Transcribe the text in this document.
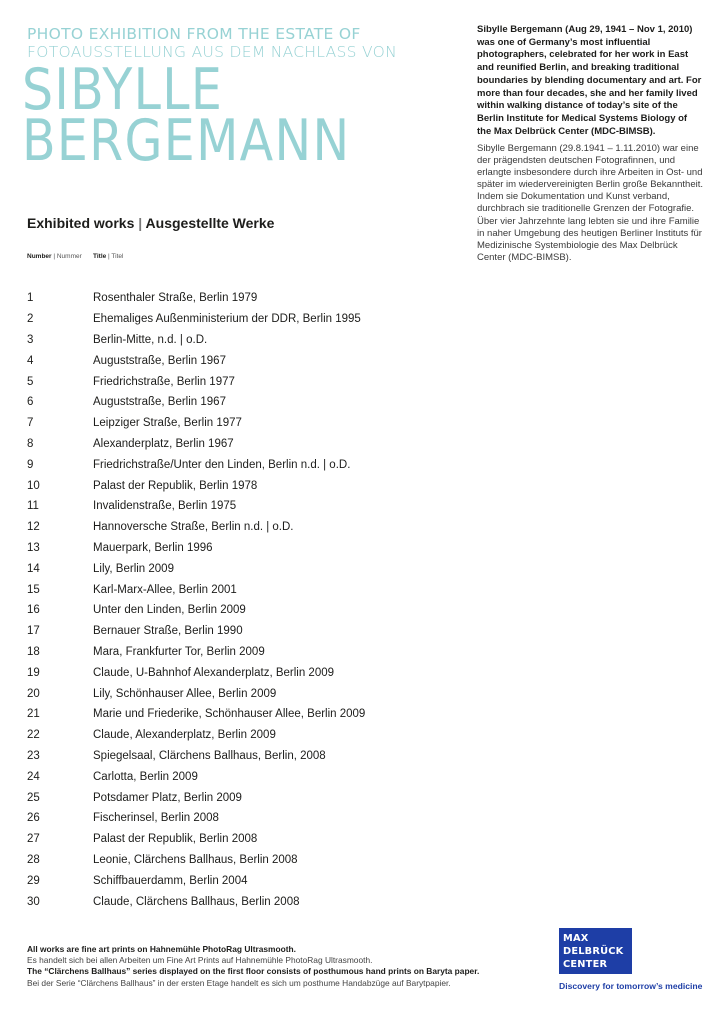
PHOTO EXHIBITION FROM THE ESTATE OF

FOTOAUSSTELLUNG AUS DEM NACHLASS VON

SIBYLLE
BERGEMANN

Sibylle Bergemann (Aug 29, 1941 – Nov 1, 2010) was one of Germany’s most influential photographers, celebrated for her work in East and reunified Berlin, and breaking traditional boundaries by blending documentary and art. For more than four decades, she and her family lived within walking distance of today’s site of the Berlin Institute for Medical Systems Biology of the Max Delbrück Center (MDC-BIMSB).

Sibylle Bergemann (29.8.1941 – 1.11.2010) war eine der prägendsten deutschen Fotografinnen, und erlangte insbesondere durch ihre Arbeiten in Ost- und später im wiedervereinigten Berlin große Bekanntheit. Indem sie Dokumentation und Kunst verband, durchbrach sie traditionelle Grenzen der Fotografie. Über vier Jahrzehnte lang lebten sie und ihre Familie in naher Umgebung des heutigen Berliner Instituts für Medizinische Systembiologie des Max Delbrück Center (MDC-BIMSB).

Exhibited works | Ausgestellte Werke
Number | Nummer Title | Titel
1	Rosenthaler Straße, Berlin 1979
2	Ehemaliges Außenministerium der DDR, Berlin 1995
3	Berlin-Mitte, n.d. | o.D.
4	Auguststraße, Berlin 1967
5	Friedrichstraße, Berlin 1977
6	Auguststraße, Berlin 1967
7	Leipziger Straße, Berlin 1977
8	Alexanderplatz, Berlin 1967
9	Friedrichstraße/Unter den Linden, Berlin n.d. | o.D.
10	Palast der Republik, Berlin 1978
11	Invalidenstraße, Berlin 1975
12	Hannoversche Straße, Berlin n.d. | o.D.
13	Mauerpark, Berlin 1996
14	Lily, Berlin 2009
15	Karl-Marx-Allee, Berlin 2001
16	Unter den Linden, Berlin 2009
17	Bernauer Straße, Berlin 1990
18	Mara, Frankfurter Tor, Berlin 2009
19	Claude, U-Bahnhof Alexanderplatz, Berlin 2009
20	Lily, Schönhauser Allee, Berlin 2009
21	Marie und Friederike, Schönhauser Allee, Berlin 2009
22	Claude, Alexanderplatz, Berlin 2009
23	Spiegelsaal, Clärchens Ballhaus, Berlin, 2008
24	Carlotta, Berlin 2009
25	Potsdamer Platz, Berlin 2009
26	Fischerinsel, Berlin 2008
27	Palast der Republik, Berlin 2008
28	Leonie, Clärchens Ballhaus, Berlin 2008
29	Schiffbauerdamm, Berlin 2004
30	Claude, Clärchens Ballhaus, Berlin 2008

All works are fine art prints on Hahnemühle PhotoRag Ultrasmooth.

Es handelt sich bei allen Arbeiten um Fine Art Prints auf Hahnemühle PhotoRag Ultrasmooth.

The “Clärchens Ballhaus” series displayed on the first floor consists of posthumous hand prints on Baryta paper.

Bei der Serie “Clärchens Ballhaus” in der ersten Etage handelt es sich um posthume Handabzüge auf Barytpapier.

MAX
DELBRÜCK
CENTER
Discovery for tomorrow’s medicine
